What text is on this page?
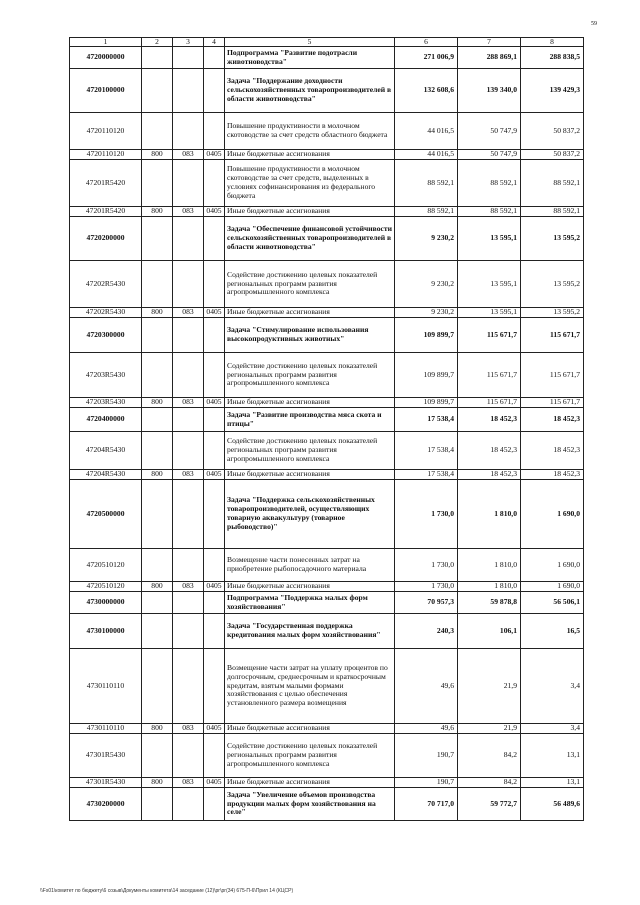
59
1	2	3	4	5	6	7	8
4720000000				Подпрограмма "Развитие подотрасли животноводства"	271 006,9	288 869,1	288 838,5
4720100000				Задача "Поддержание доходности сельскохозяйственных товаропроизводителей в области животноводства"	132 608,6	139 340,0	139 429,3
4720110120				Повышение продуктивности в молочном скотоводстве за счет средств областного бюджета	44 016,5	50 747,9	50 837,2
4720110120	800	083	0405	Иные бюджетные ассигнования	44 016,5	50 747,9	50 837,2
47201R5420				Повышение продуктивности в молочном скотоводстве за счет средств, выделенных в условиях софинансирования из федерального бюджета	88 592,1	88 592,1	88 592,1
47201R5420	800	083	0405	Иные бюджетные ассигнования	88 592,1	88 592,1	88 592,1
4720200000				Задача "Обеспечение финансовой устойчивости сельскохозяйственных товаропроизводителей в области животноводства"	9 230,2	13 595,1	13 595,2
47202R5430				Содействие достижению целевых показателей региональных программ развития агропромышленного комплекса	9 230,2	13 595,1	13 595,2
47202R5430	800	083	0405	Иные бюджетные ассигнования	9 230,2	13 595,1	13 595,2
4720300000				Задача "Стимулирование использования высокопродуктивных животных"	109 899,7	115 671,7	115 671,7
47203R5430				Содействие достижению целевых показателей региональных программ развития агропромышленного комплекса	109 899,7	115 671,7	115 671,7
47203R5430	800	083	0405	Иные бюджетные ассигнования	109 899,7	115 671,7	115 671,7
4720400000				Задача "Развитие производства мяса скота и птицы"	17 538,4	18 452,3	18 452,3
47204R5430				Содействие достижению целевых показателей региональных программ развития агропромышленного комплекса	17 538,4	18 452,3	18 452,3
47204R5430	800	083	0405	Иные бюджетные ассигнования	17 538,4	18 452,3	18 452,3
4720500000				Задача "Поддержка сельскохозяйственных товаропроизводителей, осуществляющих товарную аквакультуру (товарное рыбоводство)"	1 730,0	1 810,0	1 690,0
4720510120				Возмещение части понесенных затрат на приобретение рыбопосадочного материала	1 730,0	1 810,0	1 690,0
4720510120	800	083	0405	Иные бюджетные ассигнования	1 730,0	1 810,0	1 690,0
4730000000				Подпрограмма "Поддержка малых форм хозяйствования"	70 957,3	59 878,8	56 506,1
4730100000				Задача "Государственная поддержка кредитования малых форм хозяйствования"	240,3	106,1	16,5
4730110110				Возмещение части затрат на уплату процентов по долгосрочным, среднесрочным и краткосрочным кредитам, взятым малыми формами хозяйствования с целью обеспечения установленного размера возмещения	49,6	21,9	3,4
4730110110	800	083	0405	Иные бюджетные ассигнования	49,6	21,9	3,4
47301R5430				Содействие достижению целевых показателей региональных программ развития агропромышленного комплекса	190,7	84,2	13,1
47301R5430	800	083	0405	Иные бюджетные ассигнования	190,7	84,2	13,1
4730200000				Задача "Увеличение объемов производства продукции малых форм хозяйствования на селе"	70 717,0	59 772,7	56 489,6
\\Fs01\комитет по бюджету\6 созыв\Документы комитета\14 заседание (12)\рг\рг(34) 675-П-6\Прил 14 (КЦСР)
